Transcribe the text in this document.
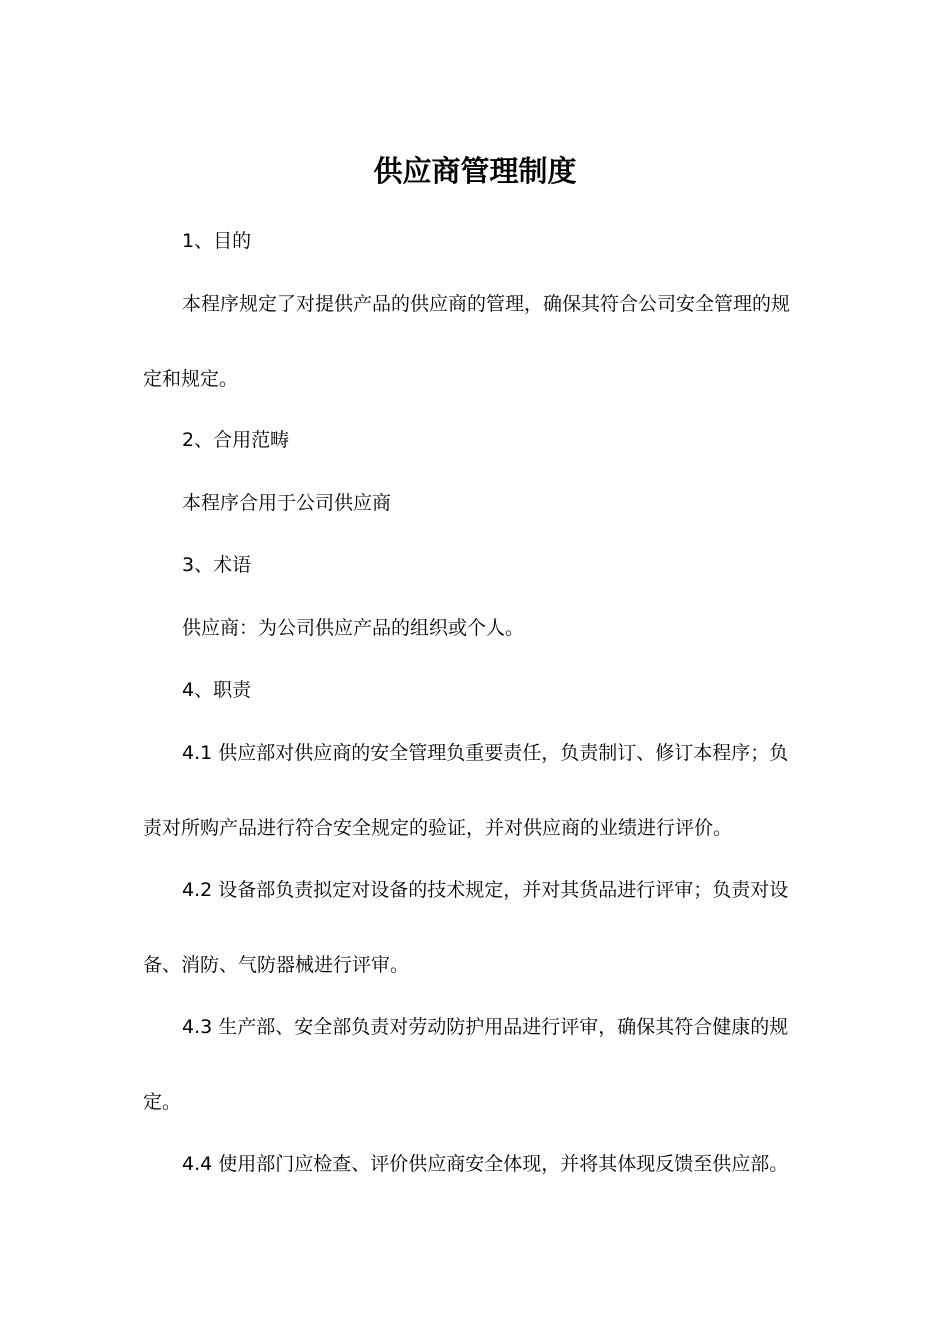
供应商管理制度
1、目的
本程序规定了对提供产品的供应商的管理，确保其符合公司安全管理的规
定和规定。
2、合用范畴
本程序合用于公司供应商
3、术语
供应商：为公司供应产品的组织或个人。
4、职责
4.1 供应部对供应商的安全管理负重要责任，负责制订、修订本程序；负
责对所购产品进行符合安全规定的验证，并对供应商的业绩进行评价。
4.2 设备部负责拟定对设备的技术规定，并对其货品进行评审；负责对设
备、消防、气防器械进行评审。
4.3 生产部、安全部负责对劳动防护用品进行评审，确保其符合健康的规
定。
4.4 使用部门应检查、评价供应商安全体现，并将其体现反馈至供应部。
